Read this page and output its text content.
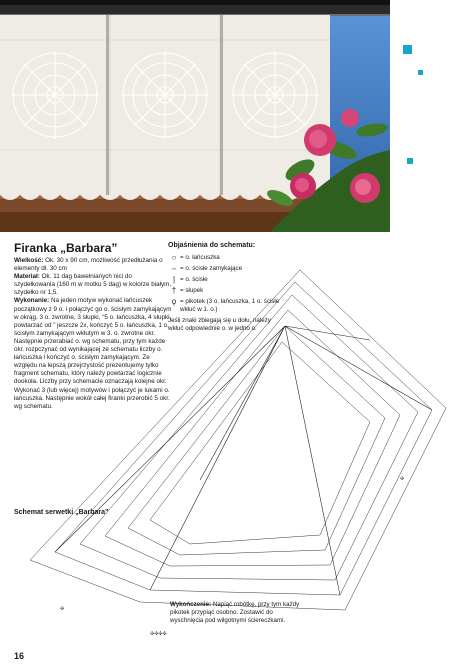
✣✣✣✣
✣
✣
Firanka „Barbara”

Wielkość: Ok. 30 x 90 cm, możliwość przedłużania o elementy dł. 30 cm

Materiał: Ok. 11 dag bawełnianych nici do szydełkowania (160 m w motku 5 dag) w kolorze białym, szydełko nr 1,5.

Wykonanie: Na jeden motyw wykonać łańcuszek początkowy z 9 o. i połączyć go o. ścisłym zamykającym w okrąg. 3 o. zwrotne, 3 słupki, "5 o. łańcuszka, 4 słupki, powtarzać od " jeszcze 2x, kończyć 5 o. łańcuszka, 1 o. ścisłym zamykającym wkłutym w 3. o. zwrotne okr. Następnie przerabiać o. wg schematu, przy tym każde okr. rozpczynać od wynikającej ze schematu liczby o. łańcuszka i kończyć o. ścisłym zamykającym. Ze względu na lepszą przejrzystość prezentujemy tylko fragment schematu, który należy powtarzać logicznie dookoła. Liczby przy schemacie oznaczają kolejne okr. Wykonać 3 (lub więcej) motywów i połączyć je lukami o. łańcuszka. Następnie wokół całej firanki przerobić 5 okr. wg schematu.

Objaśnienia do schematu:
○ = o. łańcuszka
⌢ = o. ścisłe zamykające
| = o. ścisłe
† = słupek
ϙ = pikotek (3 o. łańcuszka, 1 o. ścisłe wkłuć w 1. o.)

Jeśli znaki zbiegają się u dołu, należy wkłuć odpowiednie o. w jedno o.

Schemat serwetki „Barbara”
Wykończenie: Napiąć robótkę, przy tym każdy pikotek przypiąć osobno. Zostawić do wyschnięcia pod wilgotnymi ściereczkami.
16
